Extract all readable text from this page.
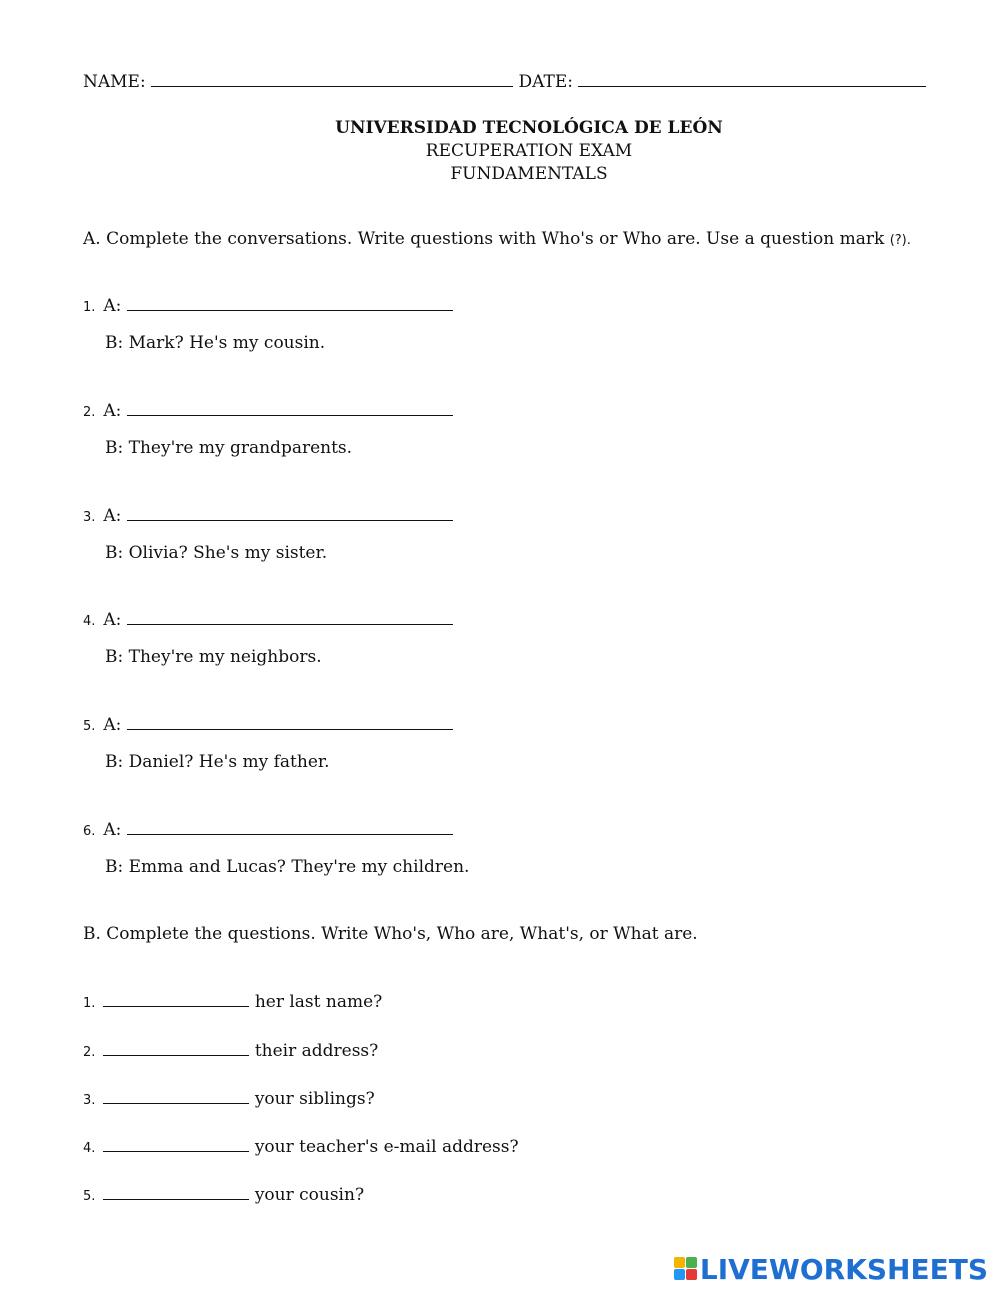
NAME:	DATE:
UNIVERSIDAD TECNOLÓGICA DE LEÓN
RECUPERATION EXAM
FUNDAMENTALS
A. Complete the conversations. Write questions with Who's or Who are. Use a question mark (?).
1. A:
B: Mark? He's my cousin.
2. A:
B: They're my grandparents.
3. A:
B: Olivia? She's my sister.
4. A:
B: They're my neighbors.
5. A:
B: Daniel? He's my father.
6. A:
B: Emma and Lucas? They're my children.
B. Complete the questions. Write Who's, Who are, What's, or What are.
1.	her last name?
2.	their address?
3.	your siblings?
4.	your teacher's e-mail address?
5.	your cousin?
LIVEWORKSHEETS
